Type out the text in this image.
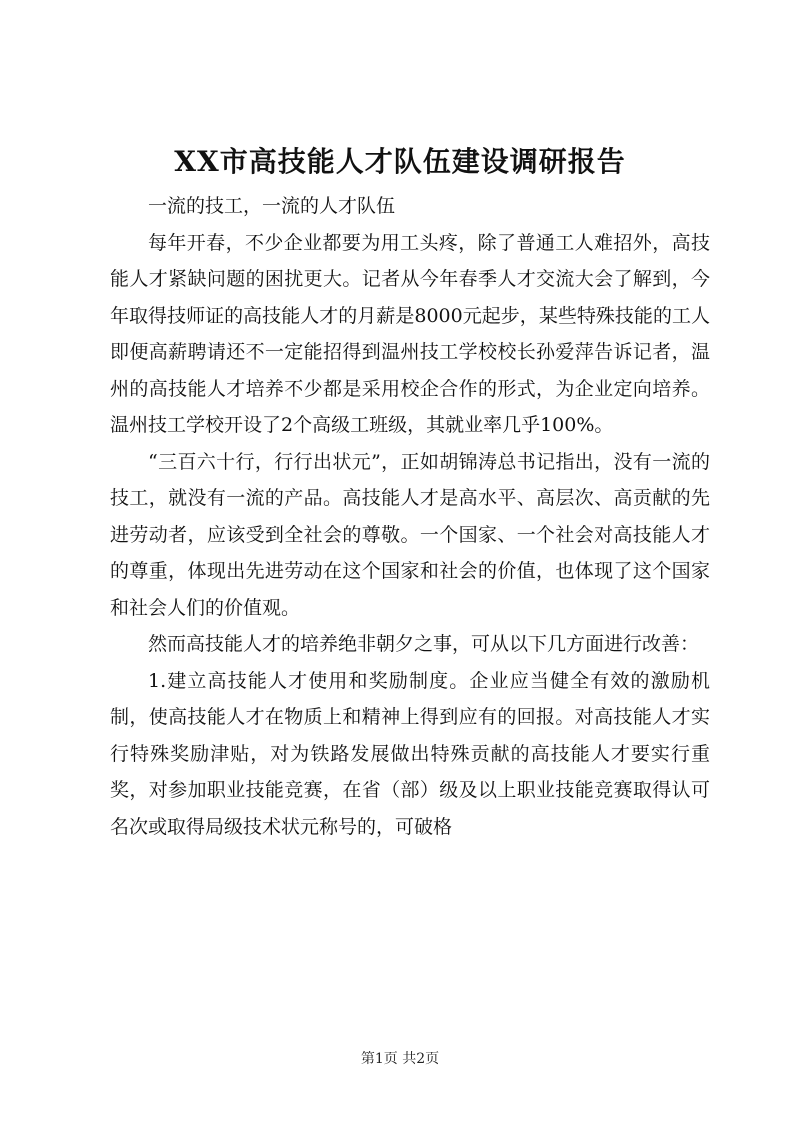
XX市高技能人才队伍建设调研报告

一流的技工，一流的人才队伍

每年开春，不少企业都要为用工头疼，除了普通工人难招外，高技能人才紧缺问题的困扰更大。记者从今年春季人才交流大会了解到，今年取得技师证的高技能人才的月薪是8000元起步，某些特殊技能的工人即便高薪聘请还不一定能招得到温州技工学校校长孙爱萍告诉记者，温州的高技能人才培养不少都是采用校企合作的形式，为企业定向培养。温州技工学校开设了2个高级工班级，其就业率几乎100%。

“三百六十行，行行出状元”，正如胡锦涛总书记指出，没有一流的技工，就没有一流的产品。高技能人才是高水平、高层次、高贡献的先进劳动者，应该受到全社会的尊敬。一个国家、一个社会对高技能人才的尊重，体现出先进劳动在这个国家和社会的价值，也体现了这个国家和社会人们的价值观。

然而高技能人才的培养绝非朝夕之事，可从以下几方面进行改善：

1.建立高技能人才使用和奖励制度。企业应当健全有效的激励机制，使高技能人才在物质上和精神上得到应有的回报。对高技能人才实行特殊奖励津贴，对为铁路发展做出特殊贡献的高技能人才要实行重奖，对参加职业技能竞赛，在省（部）级及以上职业技能竞赛取得认可名次或取得局级技术状元称号的，可破格

第1页 共2页
